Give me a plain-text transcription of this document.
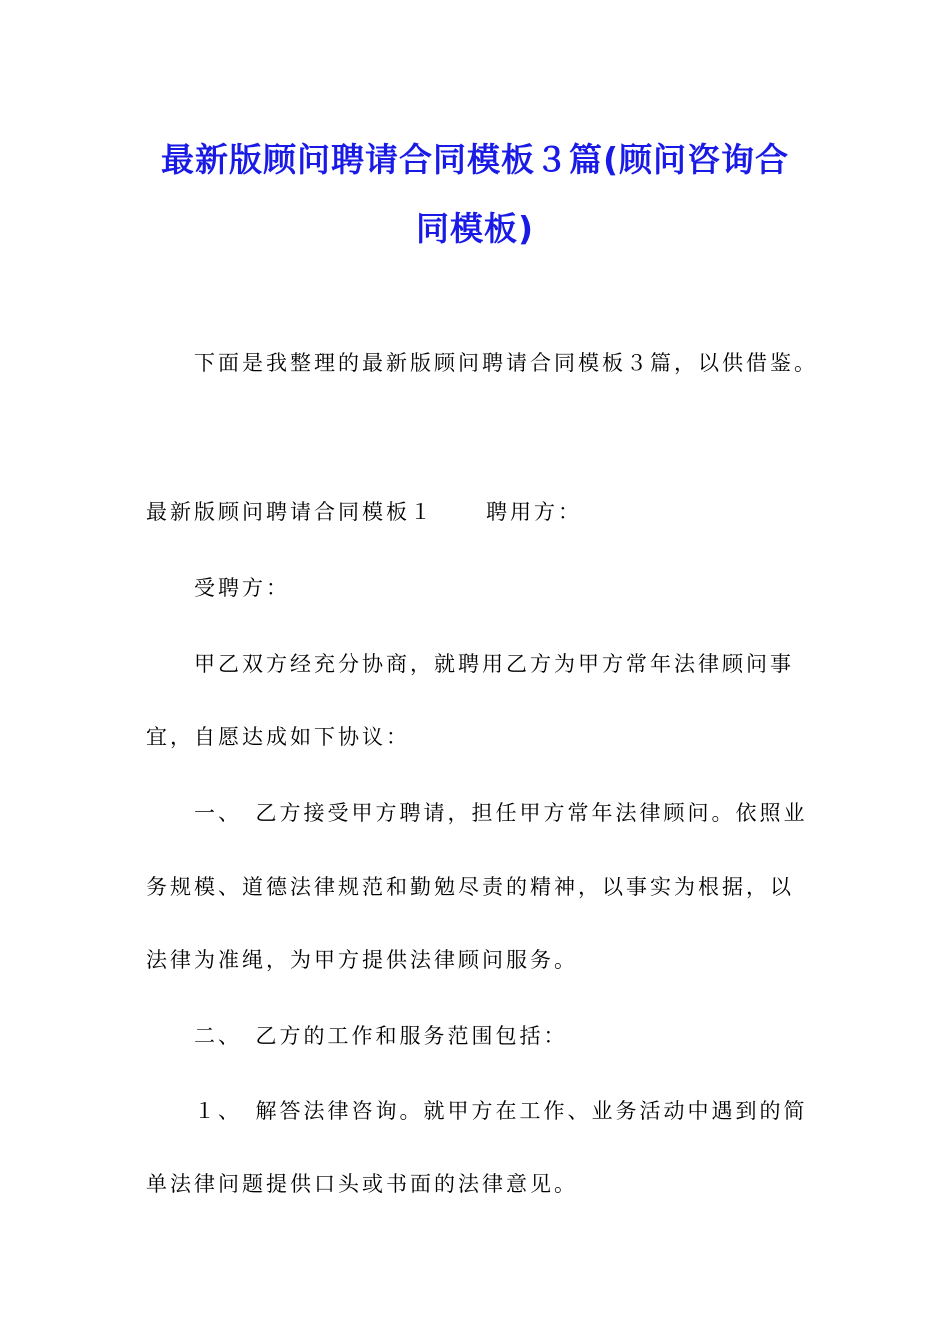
最新版顾问聘请合同模板３篇(顾问咨询合
同模板)
下面是我整理的最新版顾问聘请合同模板３篇，以供借鉴。
最新版顾问聘请合同模板１ 聘用方：
受聘方：
甲乙双方经充分协商，就聘用乙方为甲方常年法律顾问事
宜，自愿达成如下协议：
一、　乙方接受甲方聘请，担任甲方常年法律顾问。依照业
务规模、道德法律规范和勤勉尽责的精神，以事实为根据，以
法律为准绳，为甲方提供法律顾问服务。
二、　乙方的工作和服务范围包括：
１、　解答法律咨询。就甲方在工作、业务活动中遇到的简
单法律问题提供口头或书面的法律意见。
